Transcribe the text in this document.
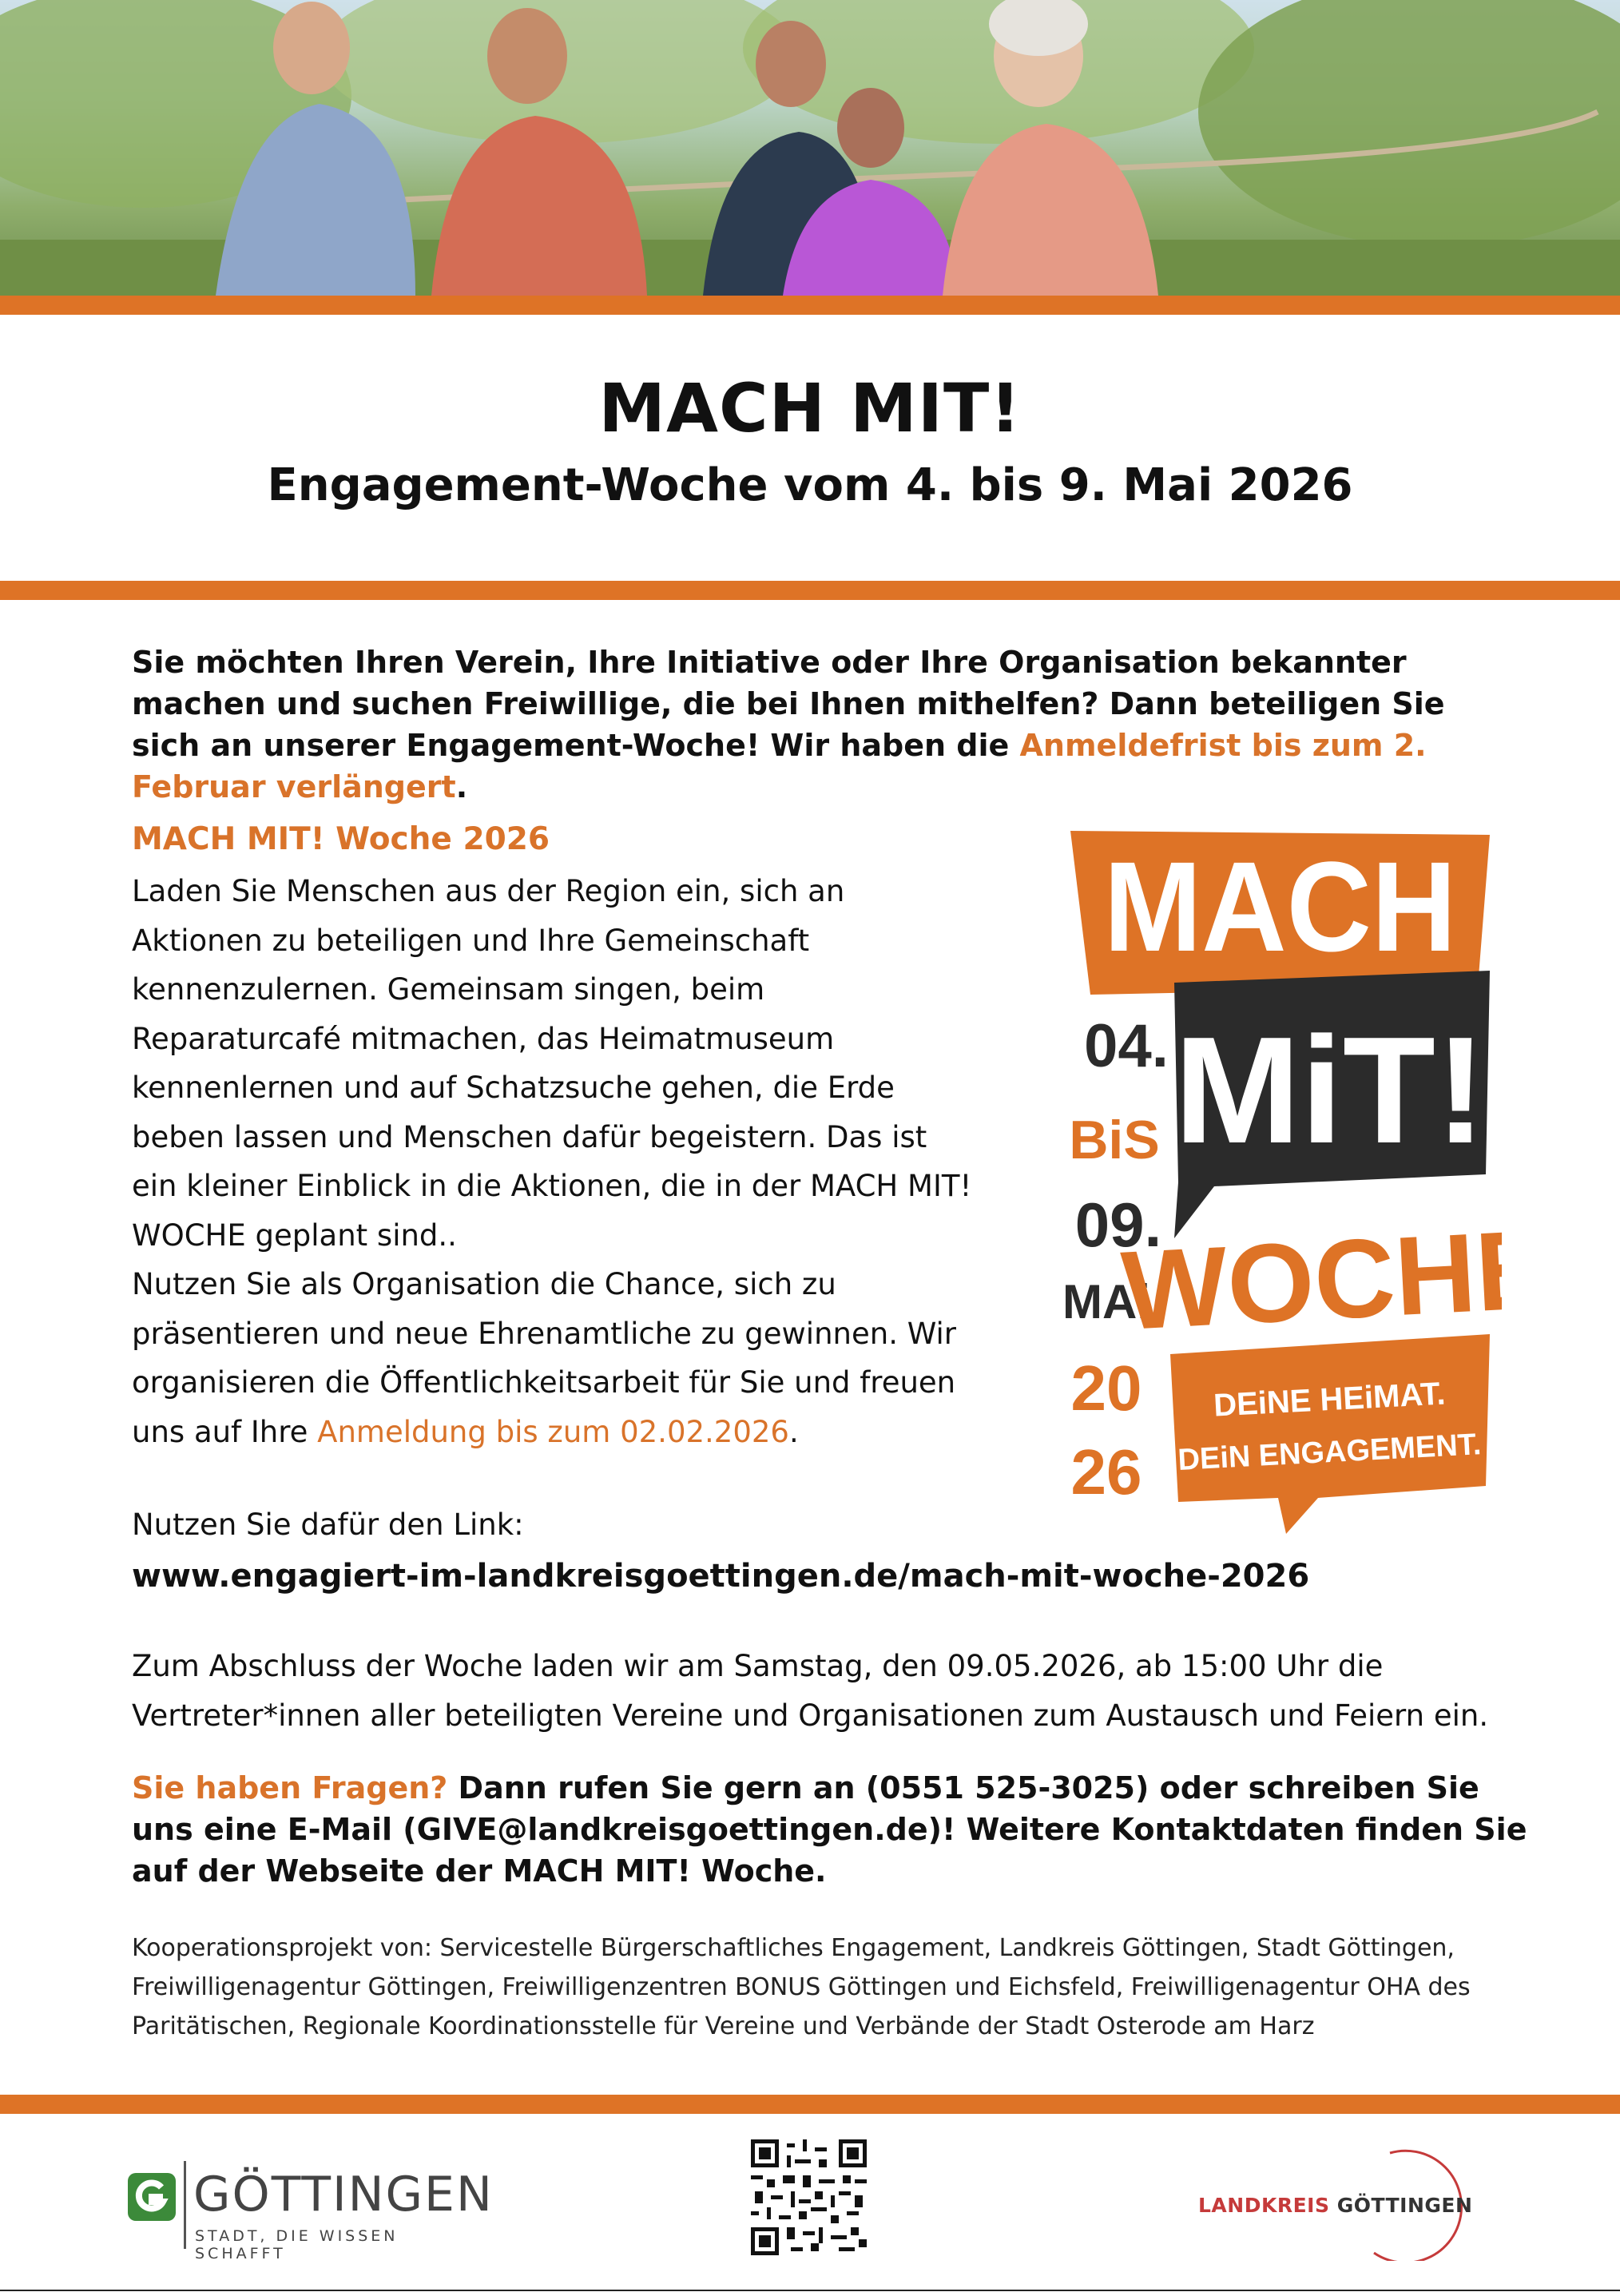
MACH MIT!
Engagement-Woche vom 4. bis 9. Mai 2026
Sie möchten Ihren Verein, Ihre Initiative oder Ihre Organisation bekannter machen und suchen Freiwillige, die bei Ihnen mithelfen? Dann beteiligen Sie sich an unserer Engagement-Woche! Wir haben die Anmeldefrist bis zum 2. Februar verlängert.
MACH MIT! Woche 2026
Laden Sie Menschen aus der Region ein, sich an Aktionen zu beteiligen und Ihre Gemeinschaft kennenzulernen. Gemeinsam singen, beim Reparaturcafé mitmachen, das Heimatmuseum kennenlernen und auf Schatzsuche gehen, die Erde beben lassen und Menschen dafür begeistern. Das ist ein kleiner Einblick in die Aktionen, die in der MACH MIT! WOCHE geplant sind..
Nutzen Sie als Organisation die Chance, sich zu präsentieren und neue Ehrenamtliche zu gewinnen. Wir organisieren die Öffentlichkeitsarbeit für Sie und freuen uns auf Ihre Anmeldung bis zum 02.02.2026.
MACH
MiT!
04.
BiS
09.
MAi
20
26
WOCHE
DEiNE HEiMAT.
DEiN ENGAGEMENT.
Nutzen Sie dafür den Link:
www.engagiert-im-landkreisgoettingen.de/mach-mit-woche-2026
Zum Abschluss der Woche laden wir am Samstag, den 09.05.2026, ab 15:00 Uhr die Vertreter*innen aller beteiligten Vereine und Organisationen zum Austausch und Feiern ein.
Sie haben Fragen? Dann rufen Sie gern an (0551 525-3025) oder schreiben Sie uns eine E-Mail (GIVE@landkreisgoettingen.de)! Weitere Kontaktdaten finden Sie auf der Webseite der MACH MIT! Woche.
Kooperationsprojekt von: Servicestelle Bürgerschaftliches Engagement, Landkreis Göttingen, Stadt Göttingen, Freiwilligenagentur Göttingen, Freiwilligenzentren BONUS Göttingen und Eichsfeld, Freiwilligenagentur OHA des Paritätischen, Regionale Koordinationsstelle für Vereine und Verbände der Stadt Osterode am Harz
GÖTTINGEN
STADT, DIE WISSEN SCHAFFT
LANDKREIS GÖTTINGEN
